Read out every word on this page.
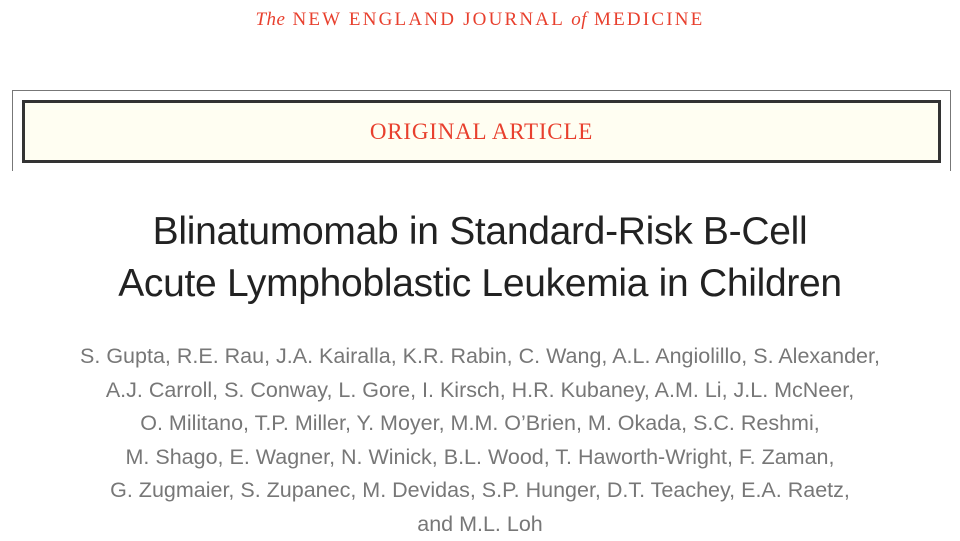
The NEW ENGLAND JOURNAL of MEDICINE
ORIGINAL ARTICLE
Blinatumomab in Standard-Risk B-Cell
Acute Lymphoblastic Leukemia in Children
S. Gupta, R.E. Rau, J.A. Kairalla, K.R. Rabin, C. Wang, A.L. Angiolillo, S. Alexander,
A.J. Carroll, S. Conway, L. Gore, I. Kirsch, H.R. Kubaney, A.M. Li, J.L. McNeer,
O. Militano, T.P. Miller, Y. Moyer, M.M. O’Brien, M. Okada, S.C. Reshmi,
M. Shago, E. Wagner, N. Winick, B.L. Wood, T. Haworth-Wright, F. Zaman,
G. Zugmaier, S. Zupanec, M. Devidas, S.P. Hunger, D.T. Teachey, E.A. Raetz,
and M.L. Loh
